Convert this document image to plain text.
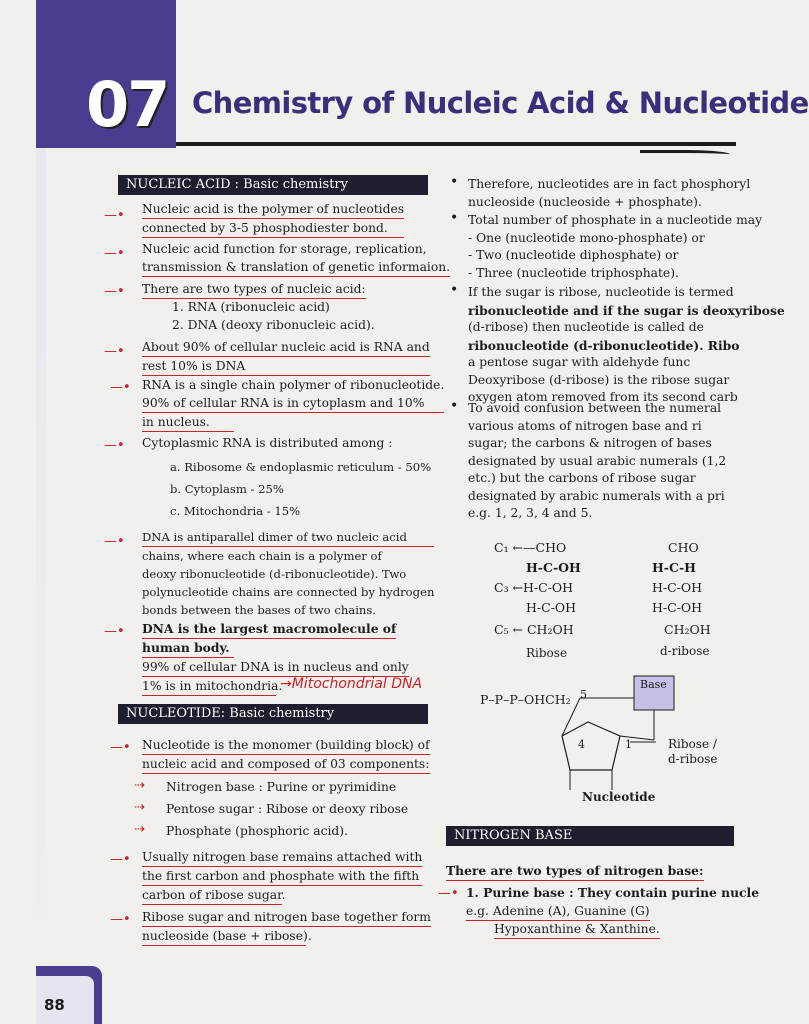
07 Chemistry of Nucleic Acid & Nucleotide
NUCLEIC ACID : Basic chemistry
—• Nucleic acid is the polymer of nucleotides
connected by 3-5 phosphodiester bond.
—• Nucleic acid function for storage, replication,
transmission & translation of genetic informaion.
—• There are two types of nucleic acid:
1. RNA (ribonucleic acid)
2. DNA (deoxy ribonucleic acid).
—• About 90% of cellular nucleic acid is RNA and
rest 10% is DNA
—• RNA is a single chain polymer of ribonucleotide.
90% of cellular RNA is in cytoplasm and 10%
in nucleus.
—• Cytoplasmic RNA is distributed among :
a. Ribosome & endoplasmic reticulum - 50%
b. Cytoplasm - 25%
c. Mitochondria - 15%
—• DNA is antiparallel dimer of two nucleic acid
chains, where each chain is a polymer of
deoxy ribonucleotide (d-ribonucleotide). Two
polynucleotide chains are connected by hydrogen
bonds between the bases of two chains.
—• DNA is the largest macromolecule of
human body.
99% of cellular DNA is in nucleus and only
1% is in mitochondria.
→Mitochondrial DNA
NUCLEOTIDE: Basic chemistry
—• Nucleotide is the monomer (building block) of
nucleic acid and composed of 03 components:
⇢
⇢
⇢
Nitrogen base : Purine or pyrimidine
Pentose sugar : Ribose or deoxy ribose
Phosphate (phosphoric acid).
—• Usually nitrogen base remains attached with
the first carbon and phosphate with the fifth
carbon of ribose sugar.
—• Ribose sugar and nitrogen base together form
nucleoside (base + ribose).
• Therefore, nucleotides are in fact phosphoryl
nucleoside (nucleoside + phosphate).
• Total number of phosphate in a nucleotide may
- One (nucleotide mono-phosphate) or
- Two (nucleotide diphosphate) or
- Three (nucleotide triphosphate).
• If the sugar is ribose, nucleotide is termed
ribonucleotide and if the sugar is deoxyribose
(d-ribose) then nucleotide is called de
ribonucleotide (d-ribonucleotide). Ribo
a pentose sugar with aldehyde func
Deoxyribose (d-ribose) is the ribose sugar
oxygen atom removed from its second carb
• To avoid confusion between the numeral
various atoms of nitrogen base and ri
sugar; the carbons & nitrogen of bases
designated by usual arabic numerals (1,2
etc.) but the carbons of ribose sugar
designated by arabic numerals with a pri
e.g. 1, 2, 3, 4 and 5.
C₁ ←—CHO
H-C-OH
C₃ ←H-C-OH
H-C-OH
C₅ ← CH₂OH
Ribose
CHO
H-C-H
H-C-OH
H-C-OH
CH₂OH
d-ribose
P–P–P–OHCH₂ 5
4	1
Base
Ribose /
d-ribose
Nucleotide
NITROGEN BASE
There are two types of nitrogen base:
—• 1. Purine base : They contain purine nucle
e.g. Adenine (A), Guanine (G)
Hypoxanthine & Xanthine.
88
